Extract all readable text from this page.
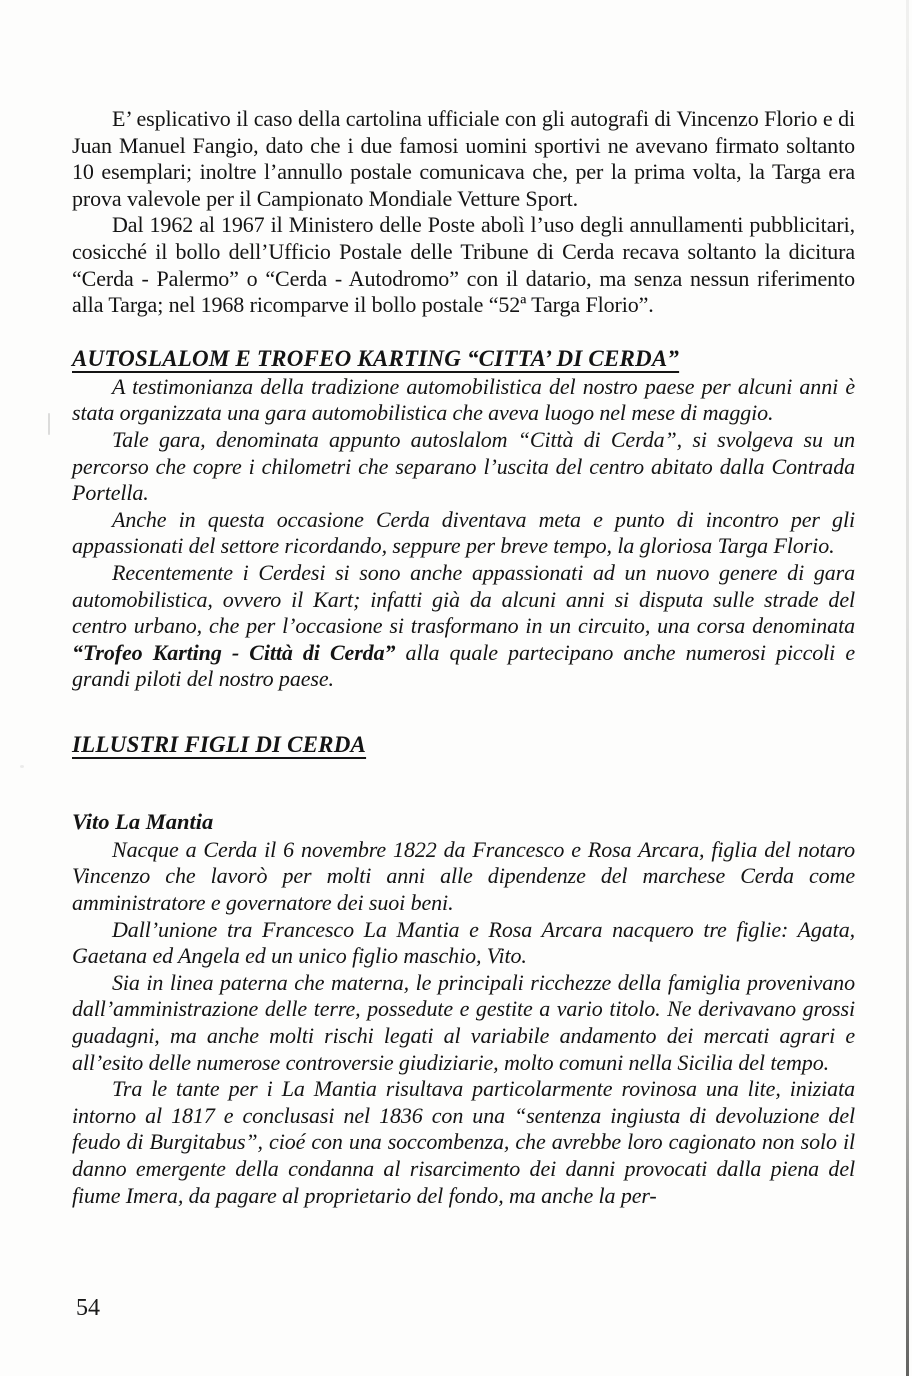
E’ esplicativo il caso della cartolina ufficiale con gli autografi di Vincenzo Florio e di Juan Manuel Fangio, dato che i due famosi uomini sportivi ne avevano firmato soltanto 10 esemplari; inoltre l’annullo postale comunicava che, per la prima volta, la Targa era prova valevole per il Campionato Mondiale Vetture Sport.

Dal 1962 al 1967 il Ministero delle Poste abolì l’uso degli annullamenti pubblicitari, cosicché il bollo dell’Ufficio Postale delle Tribune di Cerda recava soltanto la dicitura “Cerda - Palermo” o “Cerda - Autodromo” con il datario, ma senza nessun riferimento alla Targa; nel 1968 ricomparve il bollo postale “52ª Targa Florio”.

AUTOSLALOM E TROFEO KARTING “CITTA’ DI CERDA”

A testimonianza della tradizione automobilistica del nostro paese per alcuni anni è stata organizzata una gara automobilistica che aveva luogo nel mese di maggio.

Tale gara, denominata appunto autoslalom “Città di Cerda”, si svolgeva su un percorso che copre i chilometri che separano l’uscita del centro abitato dalla Contrada Portella.

Anche in questa occasione Cerda diventava meta e punto di incontro per gli appassionati del settore ricordando, seppure per breve tempo, la gloriosa Targa Florio.

Recentemente i Cerdesi si sono anche appassionati ad un nuovo genere di gara automobilistica, ovvero il Kart; infatti già da alcuni anni si disputa sulle strade del centro urbano, che per l’occasione si trasformano in un circuito, una corsa denominata “Trofeo Karting - Città di Cerda” alla quale partecipano anche numerosi piccoli e grandi piloti del nostro paese.

ILLUSTRI FIGLI DI CERDA
Vito La Mantia

Nacque a Cerda il 6 novembre 1822 da Francesco e Rosa Arcara, figlia del notaro Vincenzo che lavorò per molti anni alle dipendenze del marchese Cerda come amministratore e governatore dei suoi beni.

Dall’unione tra Francesco La Mantia e Rosa Arcara nacquero tre figlie: Agata, Gaetana ed Angela ed un unico figlio maschio, Vito.

Sia in linea paterna che materna, le principali ricchezze della famiglia provenivano dall’amministrazione delle terre, possedute e gestite a vario titolo. Ne derivavano grossi guadagni, ma anche molti rischi legati al variabile andamento dei mercati agrari e all’esito delle numerose controversie giudiziarie, molto comuni nella Sicilia del tempo.

Tra le tante per i La Mantia risultava particolarmente rovinosa una lite, iniziata intorno al 1817 e conclusasi nel 1836 con una “sentenza ingiusta di devoluzione del feudo di Burgitabus”, cioé con una soccombenza, che avrebbe loro cagionato non solo il danno emergente della condanna al risarcimento dei danni provocati dalla piena del fiume Imera, da pagare al proprietario del fondo, ma anche la per-

54
